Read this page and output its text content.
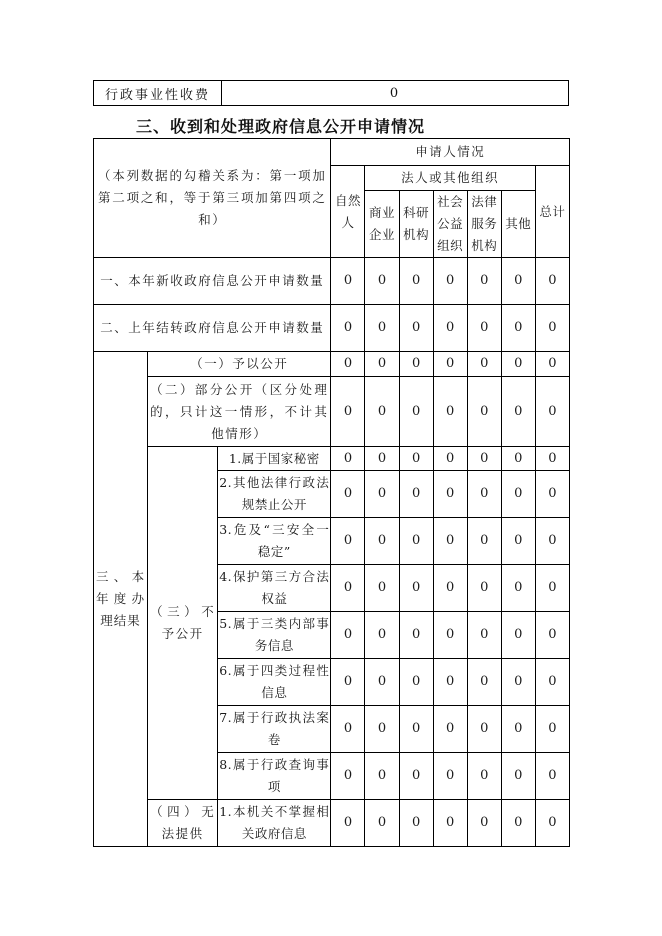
行政事业性收费	0
三、收到和处理政府信息公开申请情况
（本列数据的勾稽关系为：第一项加第二项之和，等于第三项加第四项之和）			申请人情况						
			自然人	法人或其他组织					总计
				商业企业	科研机构	社会公益组织	法律服务机构	其他	
一、本年新收政府信息公开申请数量			0	0	0	0	0	0	0
二、上年结转政府信息公开申请数量			0	0	0	0	0	0	0
三、本年度办理结果	（一）予以公开		0	0	0	0	0	0	0
	（二）部分公开（区分处理的，只计这一情形，不计其他情形）		0	0	0	0	0	0	0
	（三）不予公开	1.属于国家秘密	0	0	0	0	0	0	0
		2.其他法律行政法规禁止公开	0	0	0	0	0	0	0
		3.危及“三安全一稳定”	0	0	0	0	0	0	0
		4.保护第三方合法权益	0	0	0	0	0	0	0
		5.属于三类内部事务信息	0	0	0	0	0	0	0
		6.属于四类过程性信息	0	0	0	0	0	0	0
		7.属于行政执法案卷	0	0	0	0	0	0	0
		8.属于行政查询事项	0	0	0	0	0	0	0
	（四）无法提供	1.本机关不掌握相关政府信息	0	0	0	0	0	0	0
